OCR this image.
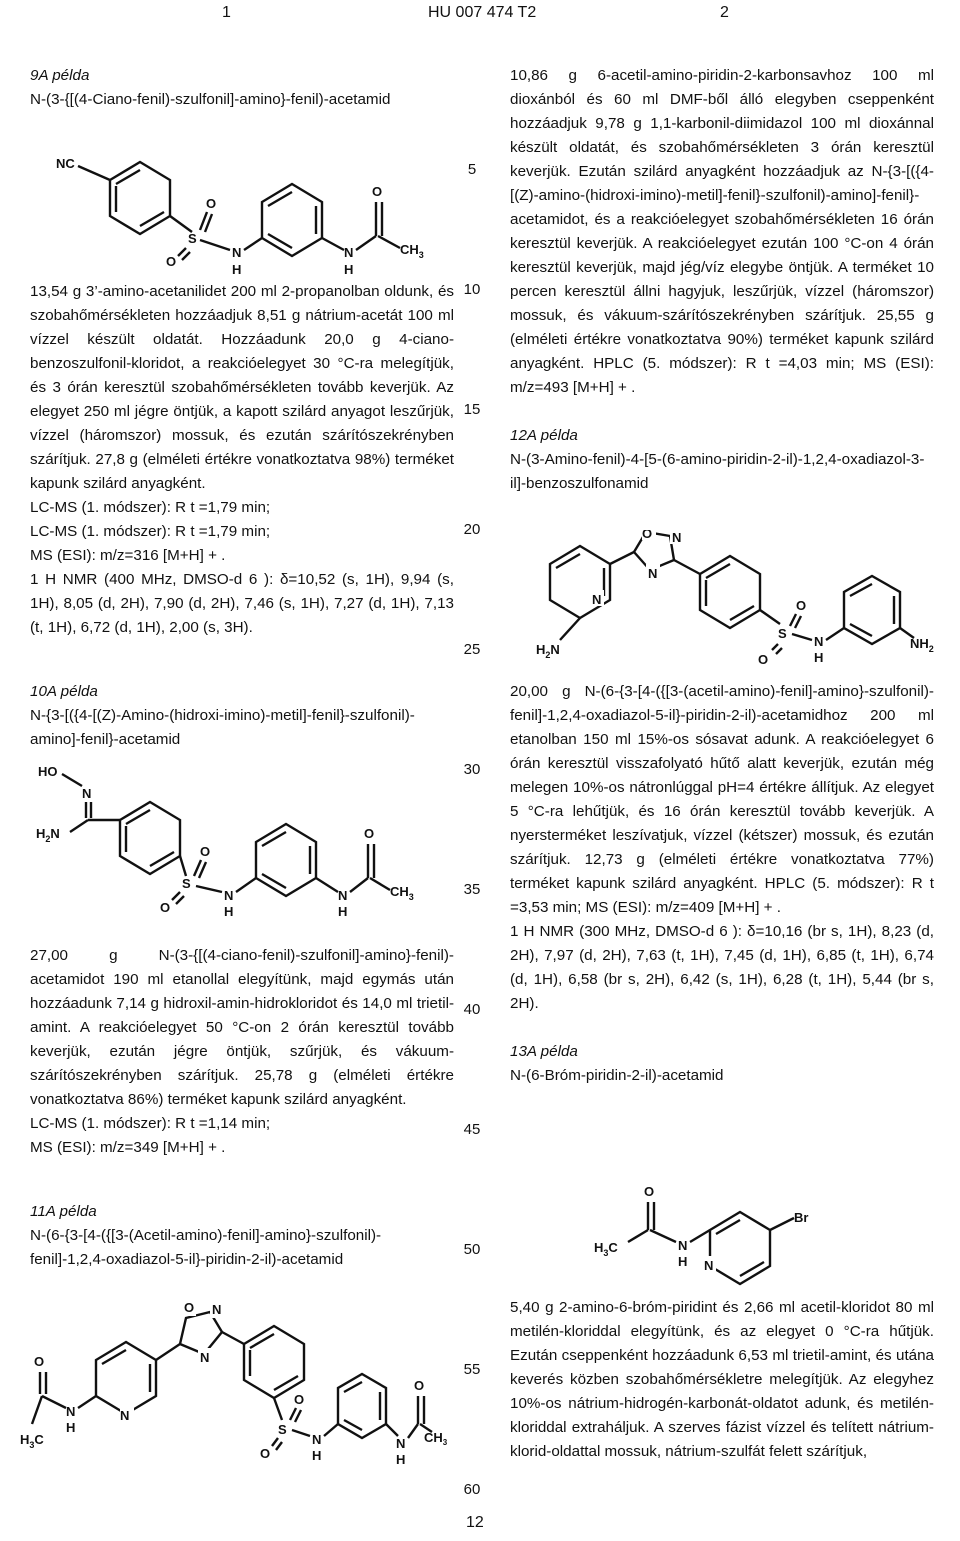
1	HU 007 474 T2	2
5
10
15
20
25
30
35
40
45
50
55
60

9A példa

N-(3-{[(4-Ciano-fenil)-szulfonil]-amino}-fenil)-acetamid

NC
S
O
O
N
H
N
H
O
$CH_3$

13,54 g 3’-amino-acetanilidet 200 ml 2-propanolban oldunk, és szobahőmérsékleten hozzáadjuk 8,51 g nátrium-acetát 100 ml vízzel készült oldatát. Hozzáadunk 20,0 g 4-ciano-benzoszulfonil-kloridot, a reakcióelegyet 30 °C-ra melegítjük, és 3 órán keresztül szobahőmérsékleten tovább keverjük. Az elegyet 250 ml jégre öntjük, a kapott szilárd anyagot leszűrjük, vízzel (háromszor) mossuk, és ezután szárítószekrényben szárítjuk. 27,8 g (elméleti értékre vonatkoztatva 98%) terméket kapunk szilárd anyagként.

LC-MS (1. módszer): R t =1,79 min;

LC-MS (1. módszer): R t =1,79 min;

MS (ESI): m/z=316 [M+H] + .

1 H NMR (400 MHz, DMSO-d 6 ): δ=10,52 (s, 1H), 9,94 (s, 1H), 8,05 (d, 2H), 7,90 (d, 2H), 7,46 (s, 1H), 7,27 (d, 1H), 7,13 (t, 1H), 6,72 (d, 1H), 2,00 (s, 3H).

10A példa

N-{3-[({4-[(Z)-Amino-(hidroxi-imino)-metil]-fenil}-szulfonil)-amino]-fenil}-acetamid

HO
N
$H_2N$
S
O
O
N
H
N
H
O
$CH_3$

27,00 g N-(3-{[(4-ciano-fenil)-szulfonil]-amino}-fenil)-acetamidot 190 ml etanollal elegyítünk, majd egymás után hozzáadunk 7,14 g hidroxil-amin-hidrokloridot és 14,0 ml trietil-amint. A reakcióelegyet 50 °C-on 2 órán keresztül tovább keverjük, ezután jégre öntjük, szűrjük, és vákuum-szárítószekrényben szárítjuk. 25,78 g (elméleti értékre vonatkoztatva 86%) terméket kapunk szilárd anyagként.

LC-MS (1. módszer): R t =1,14 min;

MS (ESI): m/z=349 [M+H] + .

11A példa

N-(6-{3-[4-({[3-(Acetil-amino)-fenil]-amino}-szulfonil)-fenil]-1,2,4-oxadiazol-5-il}-piridin-2-il)-acetamid

O
$H_3C$
N
H
N
O N
N
S
O
O
N
H
N
H
O
$CH_3$

10,86 g 6-acetil-amino-piridin-2-karbonsavhoz 100 ml dioxánból és 60 ml DMF-ből álló elegyben cseppenként hozzáadjuk 9,78 g 1,1-karbonil-diimidazol 100 ml dioxánnal készült oldatát, és szobahőmérsékleten 3 órán keresztül keverjük. Ezután szilárd anyagként hozzáadjuk az N-{3-[({4-[(Z)-amino-(hidroxi-imino)-metil]-fenil}-szulfonil)-amino]-fenil}-acetamidot, és a reakcióelegyet szobahőmérsékleten 16 órán keresztül keverjük. A reakcióelegyet ezután 100 °C-on 4 órán keresztül keverjük, majd jég/víz elegybe öntjük. A terméket 10 percen keresztül állni hagyjuk, leszűrjük, vízzel (háromszor) mossuk, és vákuum-szárítószekrényben szárítjuk. 25,55 g (elméleti értékre vonatkoztatva 90%) terméket kapunk szilárd anyagként. HPLC (5. módszer): R t =4,03 min; MS (ESI): m/z=493 [M+H] + .

12A példa

N-(3-Amino-fenil)-4-[5-(6-amino-piridin-2-il)-1,2,4-oxadiazol-3-il]-benzoszulfonamid

N
$H_2N$
O N
N
S
O
O
N
H
$NH_2$

20,00 g N-(6-{3-[4-({[3-(acetil-amino)-fenil]-amino}-szulfonil)-fenil]-1,2,4-oxadiazol-5-il}-piridin-2-il)-acetamidhoz 200 ml etanolban 150 ml 15%-os sósavat adunk. A reakcióelegyet 6 órán keresztül visszafolyató hűtő alatt keverjük, ezután még melegen 10%-os nátronlúggal pH=4 értékre állítjuk. Az elegyet 5 °C-ra lehűtjük, és 16 órán keresztül tovább keverjük. A nyersterméket leszívatjuk, vízzel (kétszer) mossuk, és ezután szárítjuk. 12,73 g (elméleti értékre vonatkoztatva 77%) terméket kapunk szilárd anyagként. HPLC (5. módszer): R t =3,53 min; MS (ESI): m/z=409 [M+H] + .

1 H NMR (300 MHz, DMSO-d 6 ): δ=10,16 (br s, 1H), 8,23 (d, 2H), 7,97 (d, 2H), 7,63 (t, 1H), 7,45 (d, 1H), 6,85 (t, 1H), 6,74 (d, 1H), 6,58 (br s, 2H), 6,42 (s, 1H), 6,28 (t, 1H), 5,44 (br s, 2H).

13A példa

N-(6-Bróm-piridin-2-il)-acetamid

$H_3C$
O
N
H N
Br

5,40 g 2-amino-6-bróm-piridint és 2,66 ml acetil-kloridot 80 ml metilén-kloriddal elegyítünk, és az elegyet 0 °C-ra hűtjük. Ezután cseppenként hozzáadunk 6,53 ml trietil-amint, és utána keverés közben szobahőmérsékletre melegítjük. Az elegyhez 10%-os nátrium-hidrogén-karbonát-oldatot adunk, és metilén-kloriddal extraháljuk. A szerves fázist vízzel és telített nátrium-klorid-oldattal mossuk, nátrium-szulfát felett szárítjuk,

12
